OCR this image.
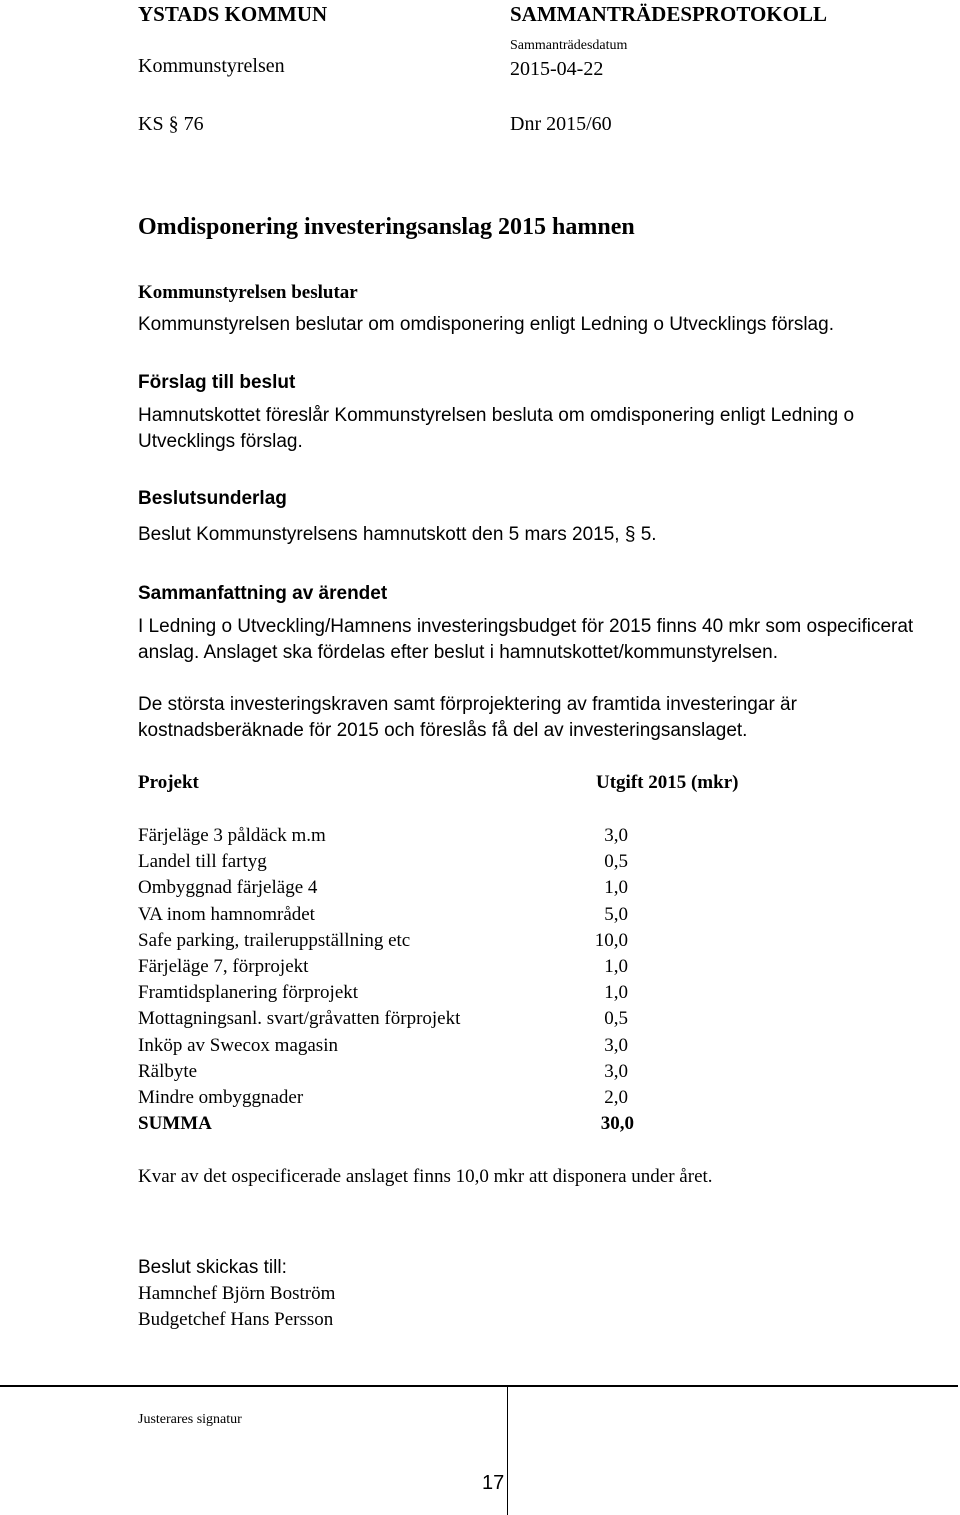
YSTADS KOMMUN	SAMMANTRÄDESPROTOKOLL
Kommunstyrelsen
Sammanträdesdatum
2015-04-22
KS § 76	Dnr 2015/60
Omdisponering investeringsanslag 2015 hamnen
Kommunstyrelsen beslutar
Kommunstyrelsen beslutar om omdisponering enligt Ledning o Utvecklings förslag.
Förslag till beslut
Hamnutskottet föreslår Kommunstyrelsen besluta om omdisponering enligt Ledning o Utvecklings förslag.
Beslutsunderlag
Beslut Kommunstyrelsens hamnutskott den 5 mars 2015, § 5.
Sammanfattning av ärendet
I Ledning o Utveckling/Hamnens investeringsbudget för 2015 finns 40 mkr som ospecificerat anslag. Anslaget ska fördelas efter beslut i hamnutskottet/kommunstyrelsen.
De största investeringskraven samt förprojektering av framtida investeringar är kostnadsberäknade för 2015 och föreslås få del av investeringsanslaget.
Projekt	Utgift 2015 (mkr)
Färjeläge 3 påldäck m.m	3,0
Landel till fartyg	0,5
Ombyggnad färjeläge 4	1,0
VA inom hamnområdet	5,0
Safe parking, traileruppställning etc	10,0
Färjeläge 7, förprojekt	1,0
Framtidsplanering förprojekt	1,0
Mottagningsanl. svart/gråvatten förprojekt	0,5
Inköp av Swecox magasin	3,0
Rälbyte	3,0
Mindre ombyggnader	2,0
SUMMA	30,0
Kvar av det ospecificerade anslaget finns 10,0 mkr att disponera under året.
Beslut skickas till:
Hamnchef Björn Boström
Budgetchef Hans Persson
Justerares signatur
17
